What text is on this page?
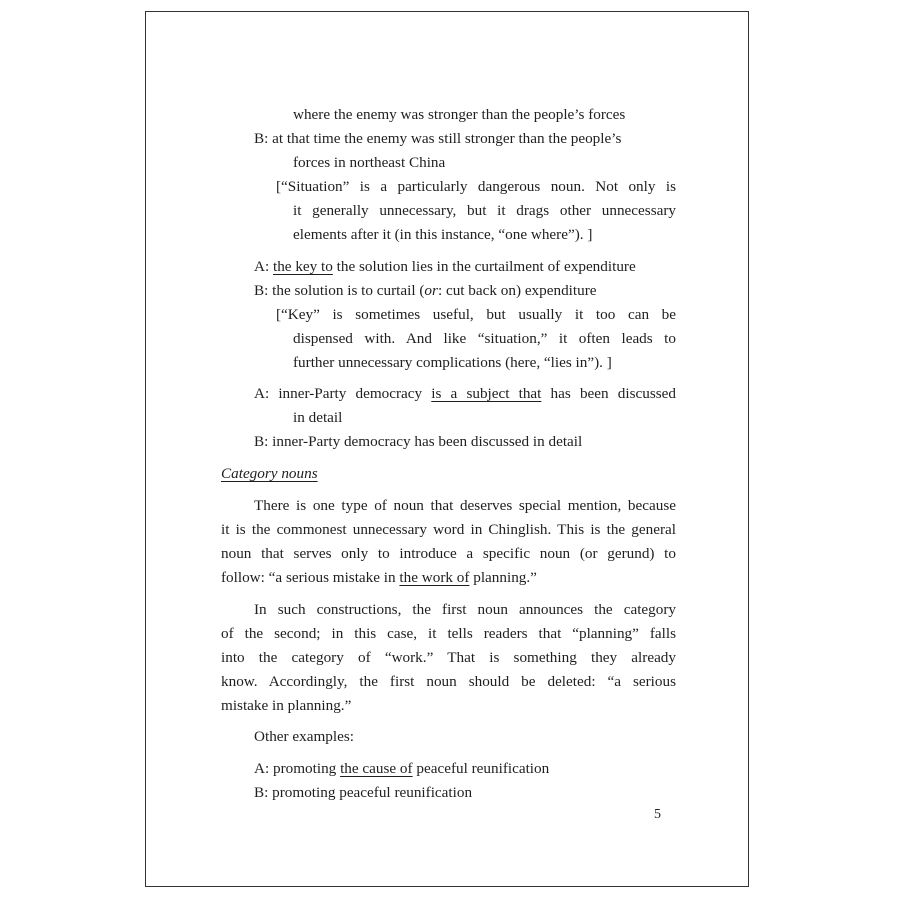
where the enemy was stronger than the people’s forces
B: at that time the enemy was still stronger than the people’s
forces in northeast China
[“Situation” is a particularly dangerous noun. Not only is
it generally unnecessary, but it drags other unnecessary
elements after it (in this instance, “one where”). ]
A: the key to the solution lies in the curtailment of expenditure
B: the solution is to curtail (or: cut back on) expenditure
[“Key” is sometimes useful, but usually it too can be
dispensed with. And like “situation,” it often leads to
further unnecessary complications (here, “lies in”). ]
A: inner-Party democracy is a subject that has been discussed
in detail
B: inner-Party democracy has been discussed in detail
Category nouns
There is one type of noun that deserves special mention, because
it is the commonest unnecessary word in Chinglish. This is the general
noun that serves only to introduce a specific noun (or gerund) to
follow: “a serious mistake in the work of planning.”
In such constructions, the first noun announces the category
of the second; in this case, it tells readers that “planning” falls
into the category of “work.” That is something they already
know. Accordingly, the first noun should be deleted: “a serious
mistake in planning.”
Other examples:
A: promoting the cause of peaceful reunification
B: promoting peaceful reunification
5
